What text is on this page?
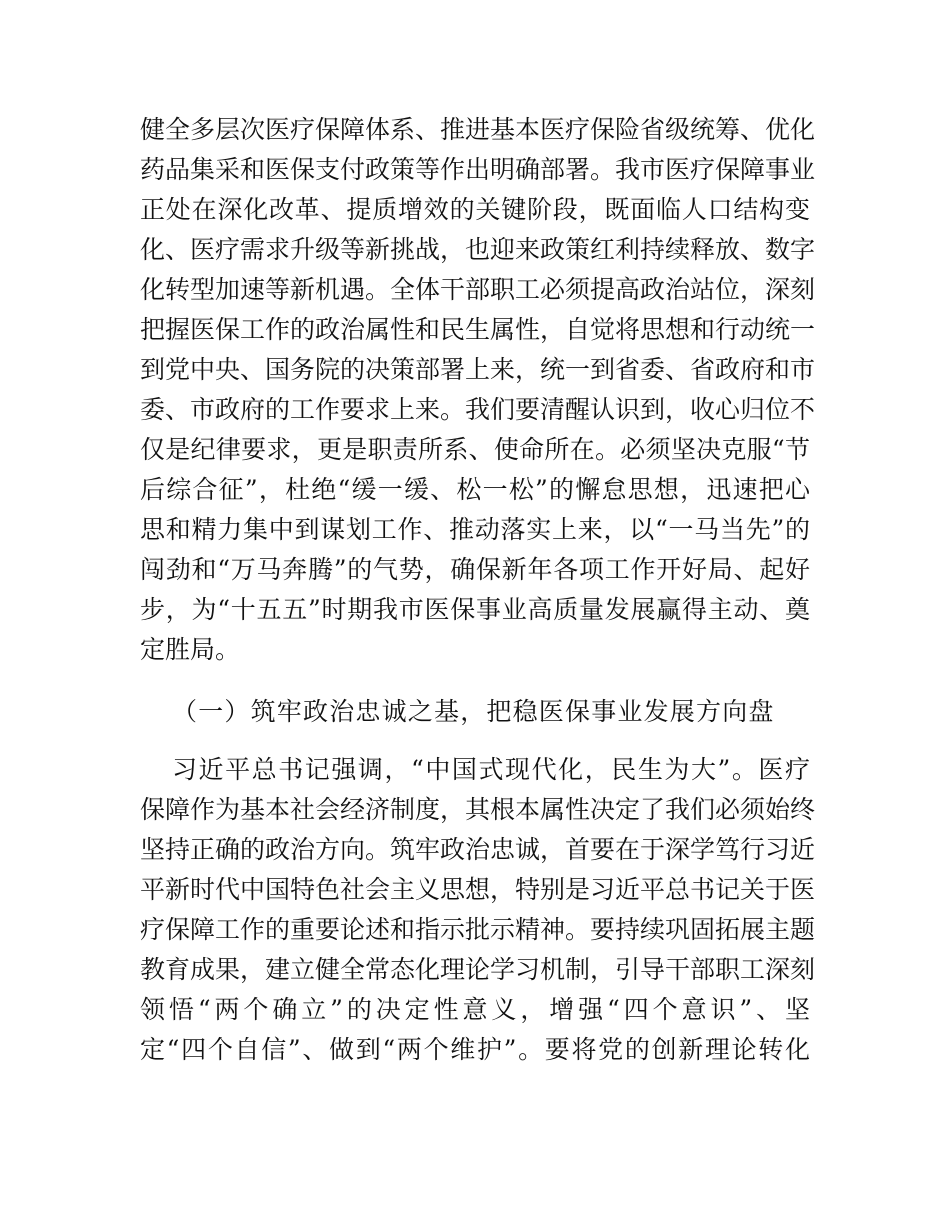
健全多层次医疗保障体系、推进基本医疗保险省级统筹、优化
药品集采和医保支付政策等作出明确部署。我市医疗保障事业
正处在深化改革、提质增效的关键阶段，既面临人口结构变
化、医疗需求升级等新挑战，也迎来政策红利持续释放、数字
化转型加速等新机遇。全体干部职工必须提高政治站位，深刻
把握医保工作的政治属性和民生属性，自觉将思想和行动统一
到党中央、国务院的决策部署上来，统一到省委、省政府和市
委、市政府的工作要求上来。我们要清醒认识到，收心归位不
仅是纪律要求，更是职责所系、使命所在。必须坚决克服“节
后综合征”，杜绝“缓一缓、松一松”的懈怠思想，迅速把心
思和精力集中到谋划工作、推动落实上来，以“一马当先”的
闯劲和“万马奔腾”的气势，确保新年各项工作开好局、起好
步，为“十五五”时期我市医保事业高质量发展赢得主动、奠
定胜局。
（一）筑牢政治忠诚之基，把稳医保事业发展方向盘
习近平总书记强调，“中国式现代化，民生为大”。医疗
保障作为基本社会经济制度，其根本属性决定了我们必须始终
坚持正确的政治方向。筑牢政治忠诚，首要在于深学笃行习近
平新时代中国特色社会主义思想，特别是习近平总书记关于医
疗保障工作的重要论述和指示批示精神。要持续巩固拓展主题
教育成果，建立健全常态化理论学习机制，引导干部职工深刻
领悟“两个确立”的决定性意义，增强“四个意识”、坚
定“四个自信”、做到“两个维护”。要将党的创新理论转化
